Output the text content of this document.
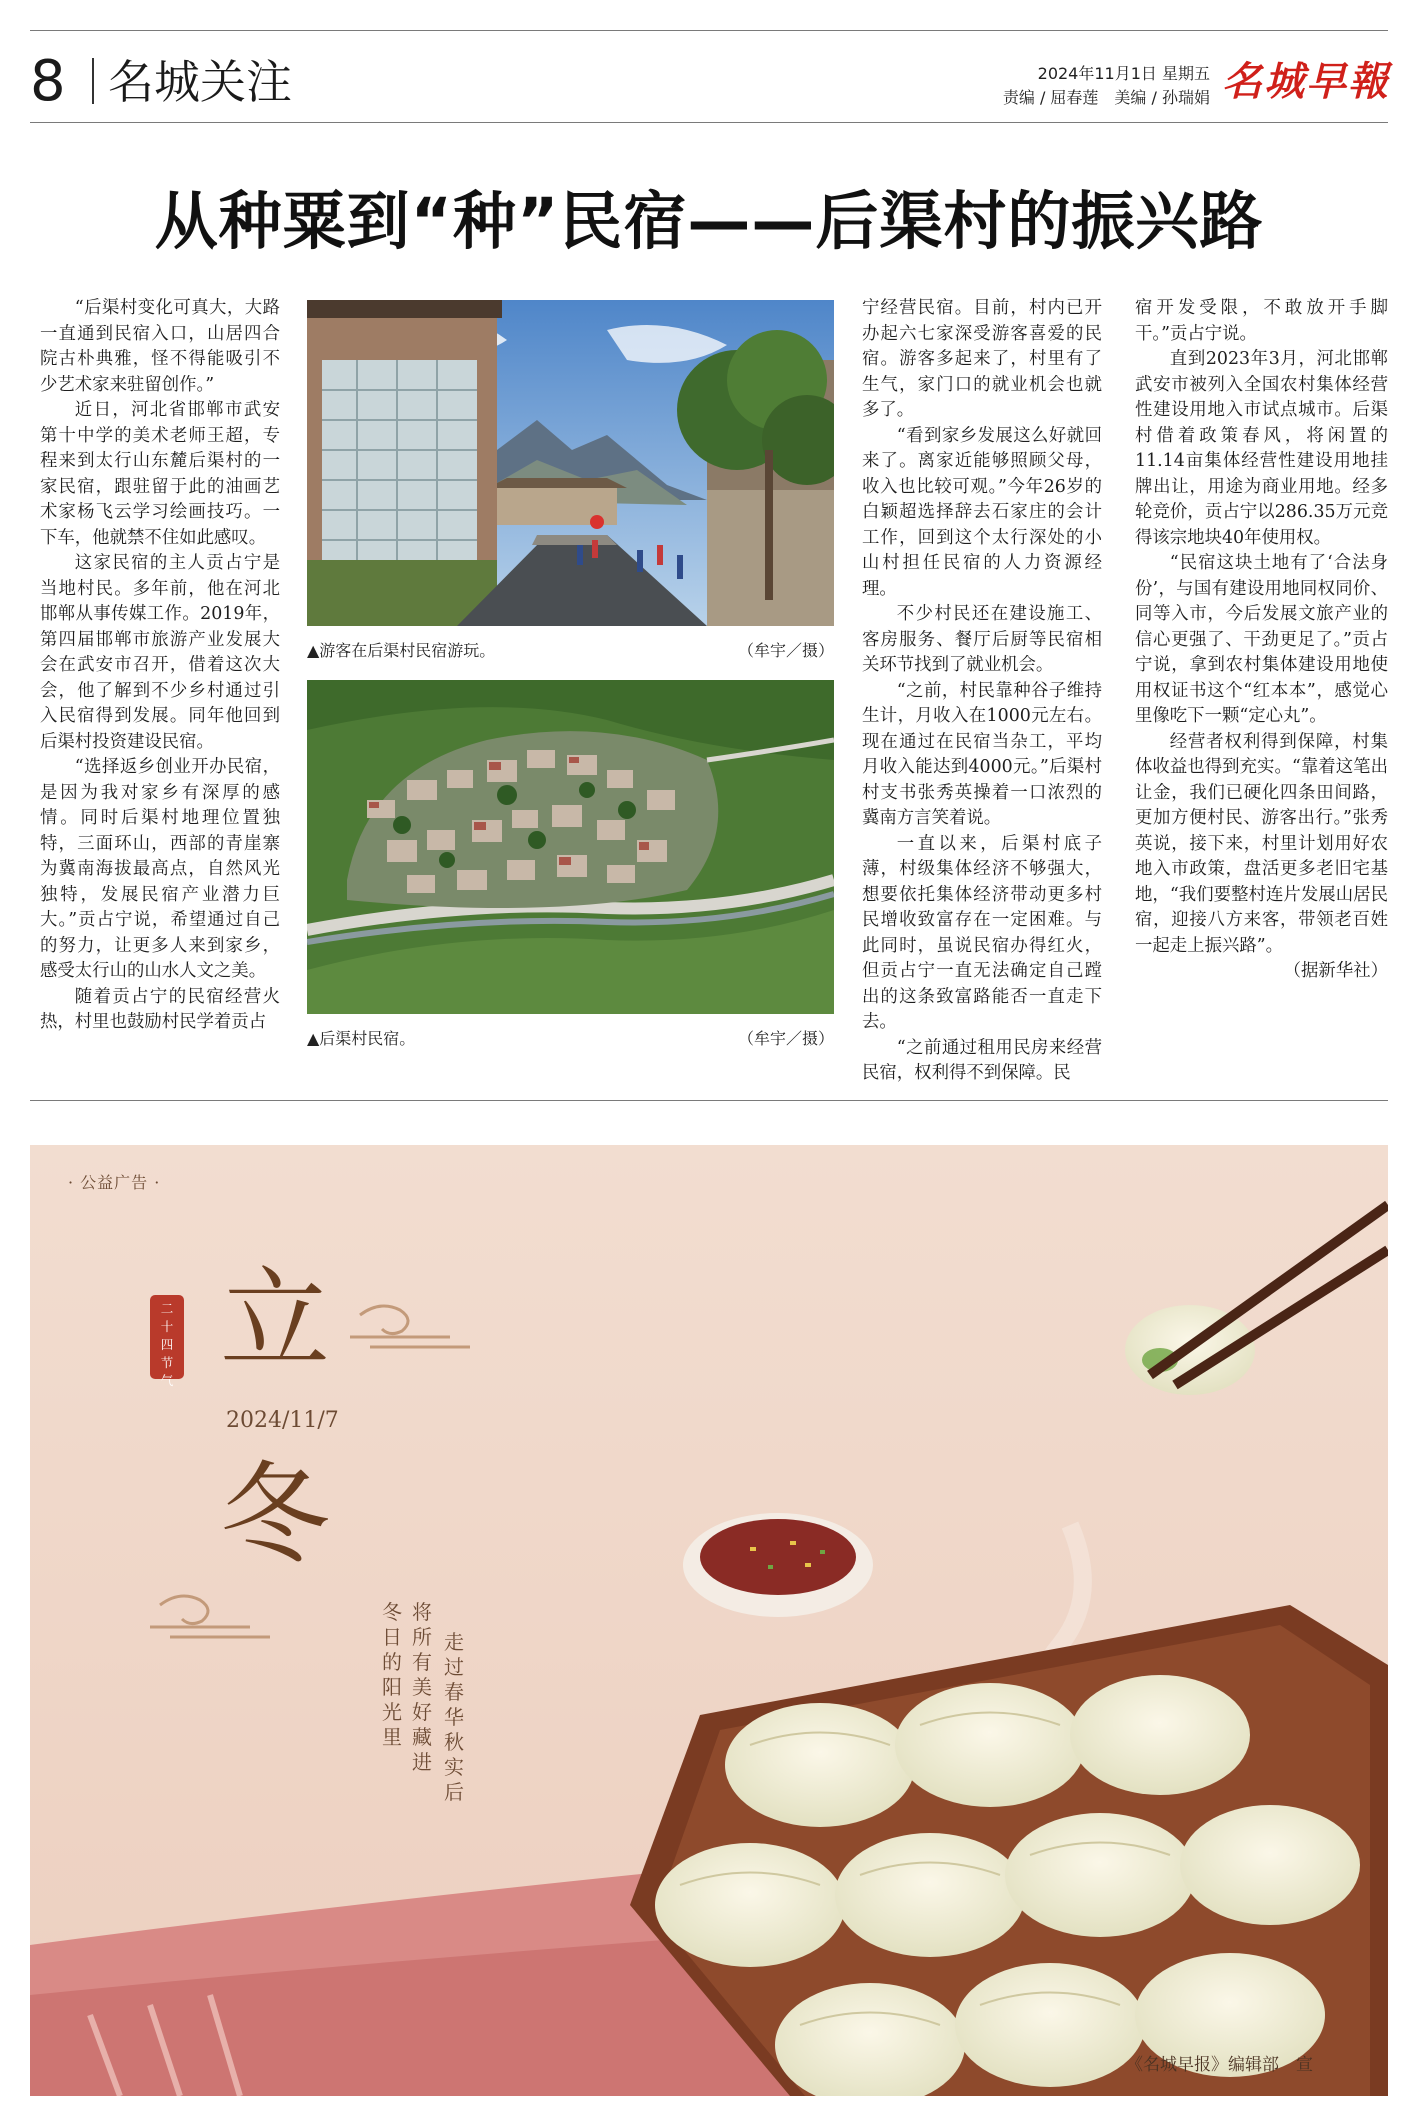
8 名城关注	2024年11月1日 星期五
责编 / 屈春莲　美编 / 孙瑞娟 名城早報
从种粟到“种”民宿——后渠村的振兴路

“后渠村变化可真大，大路一直通到民宿入口，山居四合院古朴典雅，怪不得能吸引不少艺术家来驻留创作。”

近日，河北省邯郸市武安第十中学的美术老师王超，专程来到太行山东麓后渠村的一家民宿，跟驻留于此的油画艺术家杨飞云学习绘画技巧。一下车，他就禁不住如此感叹。

这家民宿的主人贡占宁是当地村民。多年前，他在河北邯郸从事传媒工作。2019年，第四届邯郸市旅游产业发展大会在武安市召开，借着这次大会，他了解到不少乡村通过引入民宿得到发展。同年他回到后渠村投资建设民宿。

“选择返乡创业开办民宿，是因为我对家乡有深厚的感情。同时后渠村地理位置独特，三面环山，西部的青崖寨为冀南海拔最高点，自然风光独特，发展民宿产业潜力巨大。”贡占宁说，希望通过自己的努力，让更多人来到家乡，感受太行山的山水人文之美。

随着贡占宁的民宿经营火热，村里也鼓励村民学着贡占

▲游客在后渠村民宿游玩。	（牟宇／摄）
▲后渠村民宿。	（牟宇／摄）

宁经营民宿。目前，村内已开办起六七家深受游客喜爱的民宿。游客多起来了，村里有了生气，家门口的就业机会也就多了。

“看到家乡发展这么好就回来了。离家近能够照顾父母，收入也比较可观。”今年26岁的白颖超选择辞去石家庄的会计工作，回到这个太行深处的小山村担任民宿的人力资源经理。

不少村民还在建设施工、客房服务、餐厅后厨等民宿相关环节找到了就业机会。

“之前，村民靠种谷子维持生计，月收入在1000元左右。现在通过在民宿当杂工，平均月收入能达到4000元。”后渠村村支书张秀英操着一口浓烈的冀南方言笑着说。

一直以来，后渠村底子薄，村级集体经济不够强大，想要依托集体经济带动更多村民增收致富存在一定困难。与此同时，虽说民宿办得红火，但贡占宁一直无法确定自己蹚出的这条致富路能否一直走下去。

“之前通过租用民房来经营民宿，权利得不到保障。民

宿开发受限，不敢放开手脚干。”贡占宁说。

直到2023年3月，河北邯郸武安市被列入全国农村集体经营性建设用地入市试点城市。后渠村借着政策春风，将闲置的11.14亩集体经营性建设用地挂牌出让，用途为商业用地。经多轮竞价，贡占宁以286.35万元竞得该宗地块40年使用权。

“民宿这块土地有了‘合法身份’，与国有建设用地同权同价、同等入市，今后发展文旅产业的信心更强了、干劲更足了。”贡占宁说，拿到农村集体建设用地使用权证书这个“红本本”，感觉心里像吃下一颗“定心丸”。

经营者权利得到保障，村集体收益也得到充实。“靠着这笔出让金，我们已硬化四条田间路，更加方便村民、游客出行。”张秀英说，接下来，村里计划用好农地入市政策，盘活更多老旧宅基地，“我们要整村连片发展山居民宿，迎接八方来客，带领老百姓一起走上振兴路”。
（据新华社）

· 公益广告 ·
二十四节气 立
2024/11/7
冬
走过春华秋实后
将所有美好藏进
冬日的阳光里
《名城早报》编辑部　宣
